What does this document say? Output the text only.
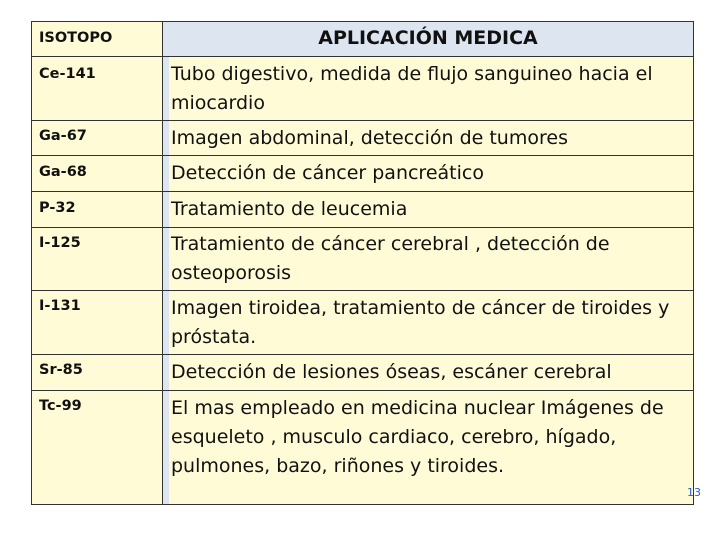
ISOTOPO	APLICACIÓN MEDICA
Ce-141	Tubo digestivo, medida de flujo sanguineo hacia el miocardio
Ga-67	Imagen abdominal, detección de tumores
Ga-68	Detección de cáncer pancreático
P-32	Tratamiento de leucemia
I-125	Tratamiento de cáncer cerebral , detección de osteoporosis
I-131	Imagen tiroidea, tratamiento de cáncer de tiroides y próstata.
Sr-85	Detección de lesiones óseas, escáner cerebral
Tc-99	El mas empleado en medicina nuclear Imágenes de esqueleto , musculo cardiaco, cerebro, hígado, pulmones, bazo, riñones y tiroides.
13
